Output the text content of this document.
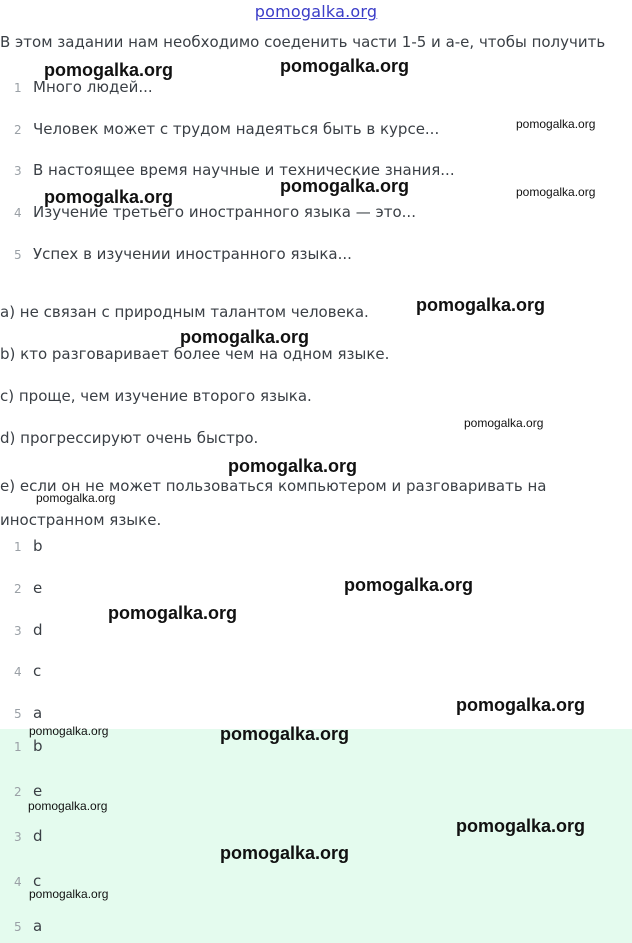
pomogalka.org
В этом задании нам необходимо соеденить части 1-5 и a-e, чтобы получить
1 Много людей...
2 Человек может с трудом надеяться быть в курсе...
3 В настоящее время научные и технические знания...
4 Изучение третьего иностранного языка — это...
5 Успех в изучении иностранного языка...
a) не связан с природным талантом человека.
b) кто разговаривает более чем на одном языке.
c) проще, чем изучение второго языка.
d) прогрессируют очень быстро.
e) если он не может пользоваться компьютером и разговаривать на иностранном языке.
1 b
2 e
3 d
4 c
5 a
1 b
2 e
3 d
4 c
5 a
pomogalka.org	pomogalka.org
pomogalka.org
pomogalka.org
pomogalka.org	pomogalka.org
pomogalka.org
pomogalka.org
pomogalka.org
pomogalka.org
pomogalka.org
pomogalka.org
pomogalka.org
pomogalka.org
pomogalka.org	pomogalka.org
pomogalka.org
pomogalka.org
pomogalka.org
pomogalka.org
